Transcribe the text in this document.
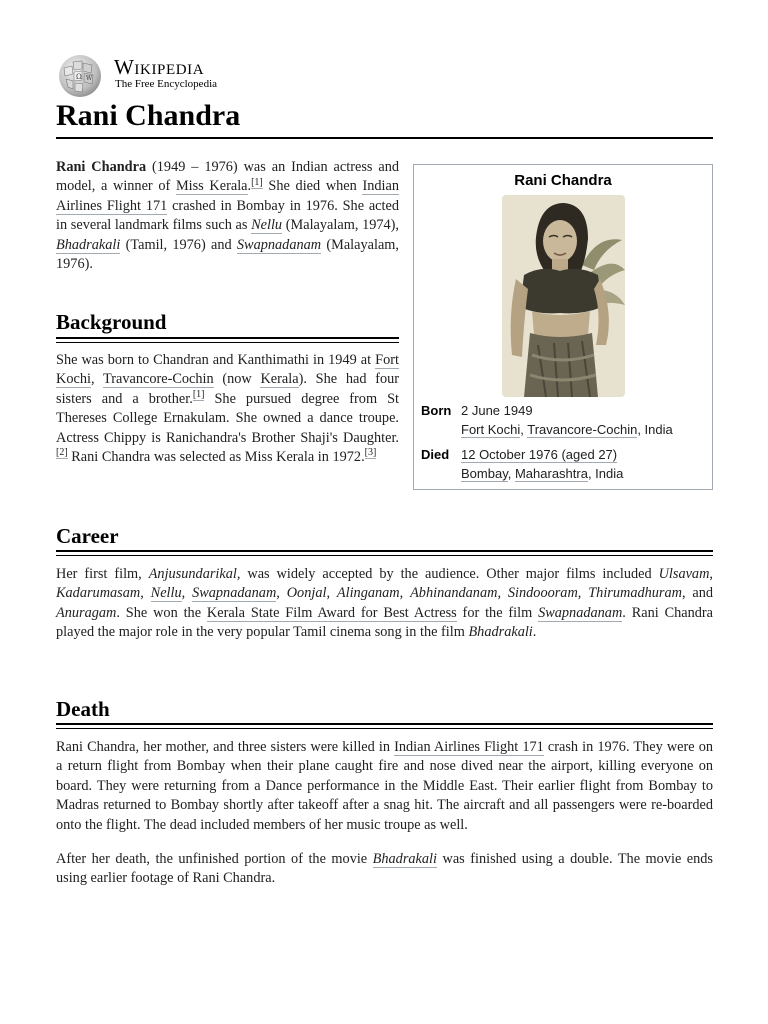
Ω W Wikipedia
The Free Encyclopedia
Rani Chandra

Rani Chandra (1949 – 1976) was an Indian actress and model, a winner of Miss Kerala.[1] She died when Indian Airlines Flight 171 crashed in Bombay in 1976. She acted in several landmark films such as Nellu (Malayalam, 1974), Bhadrakali (Tamil, 1976) and Swapnadanam (Malayalam, 1976).

Background

She was born to Chandran and Kanthimathi in 1949 at Fort Kochi, Travancore-Cochin (now Kerala). She had four sisters and a brother.[1] She pursued degree from St Thereses College Ernakulam. She owned a dance troupe. Actress Chippy is Ranichandra's Brother Shaji's Daughter.[2] Rani Chandra was selected as Miss Kerala in 1972.[3]

Rani Chandra
Born 2 June 1949
Fort Kochi, Travancore-Cochin, India
Died 12 October 1976 (aged 27)
Bombay, Maharashtra, India
Career

Her first film, Anjusundarikal, was widely accepted by the audience. Other major films included Ulsavam, Kadarumasam, Nellu, Swapnadanam, Oonjal, Alinganam, Abhinandanam, Sindoooram, Thirumadhuram, and Anuragam. She won the Kerala State Film Award for Best Actress for the film Swapnadanam. Rani Chandra played the major role in the very popular Tamil cinema song in the film Bhadrakali.

Death

Rani Chandra, her mother, and three sisters were killed in Indian Airlines Flight 171 crash in 1976. They were on a return flight from Bombay when their plane caught fire and nose dived near the airport, killing everyone on board. They were returning from a Dance performance in the Middle East. Their earlier flight from Bombay to Madras returned to Bombay shortly after takeoff after a snag hit. The aircraft and all passengers were re-boarded onto the flight. The dead included members of her music troupe as well.

After her death, the unfinished portion of the movie Bhadrakali was finished using a double. The movie ends using earlier footage of Rani Chandra.
